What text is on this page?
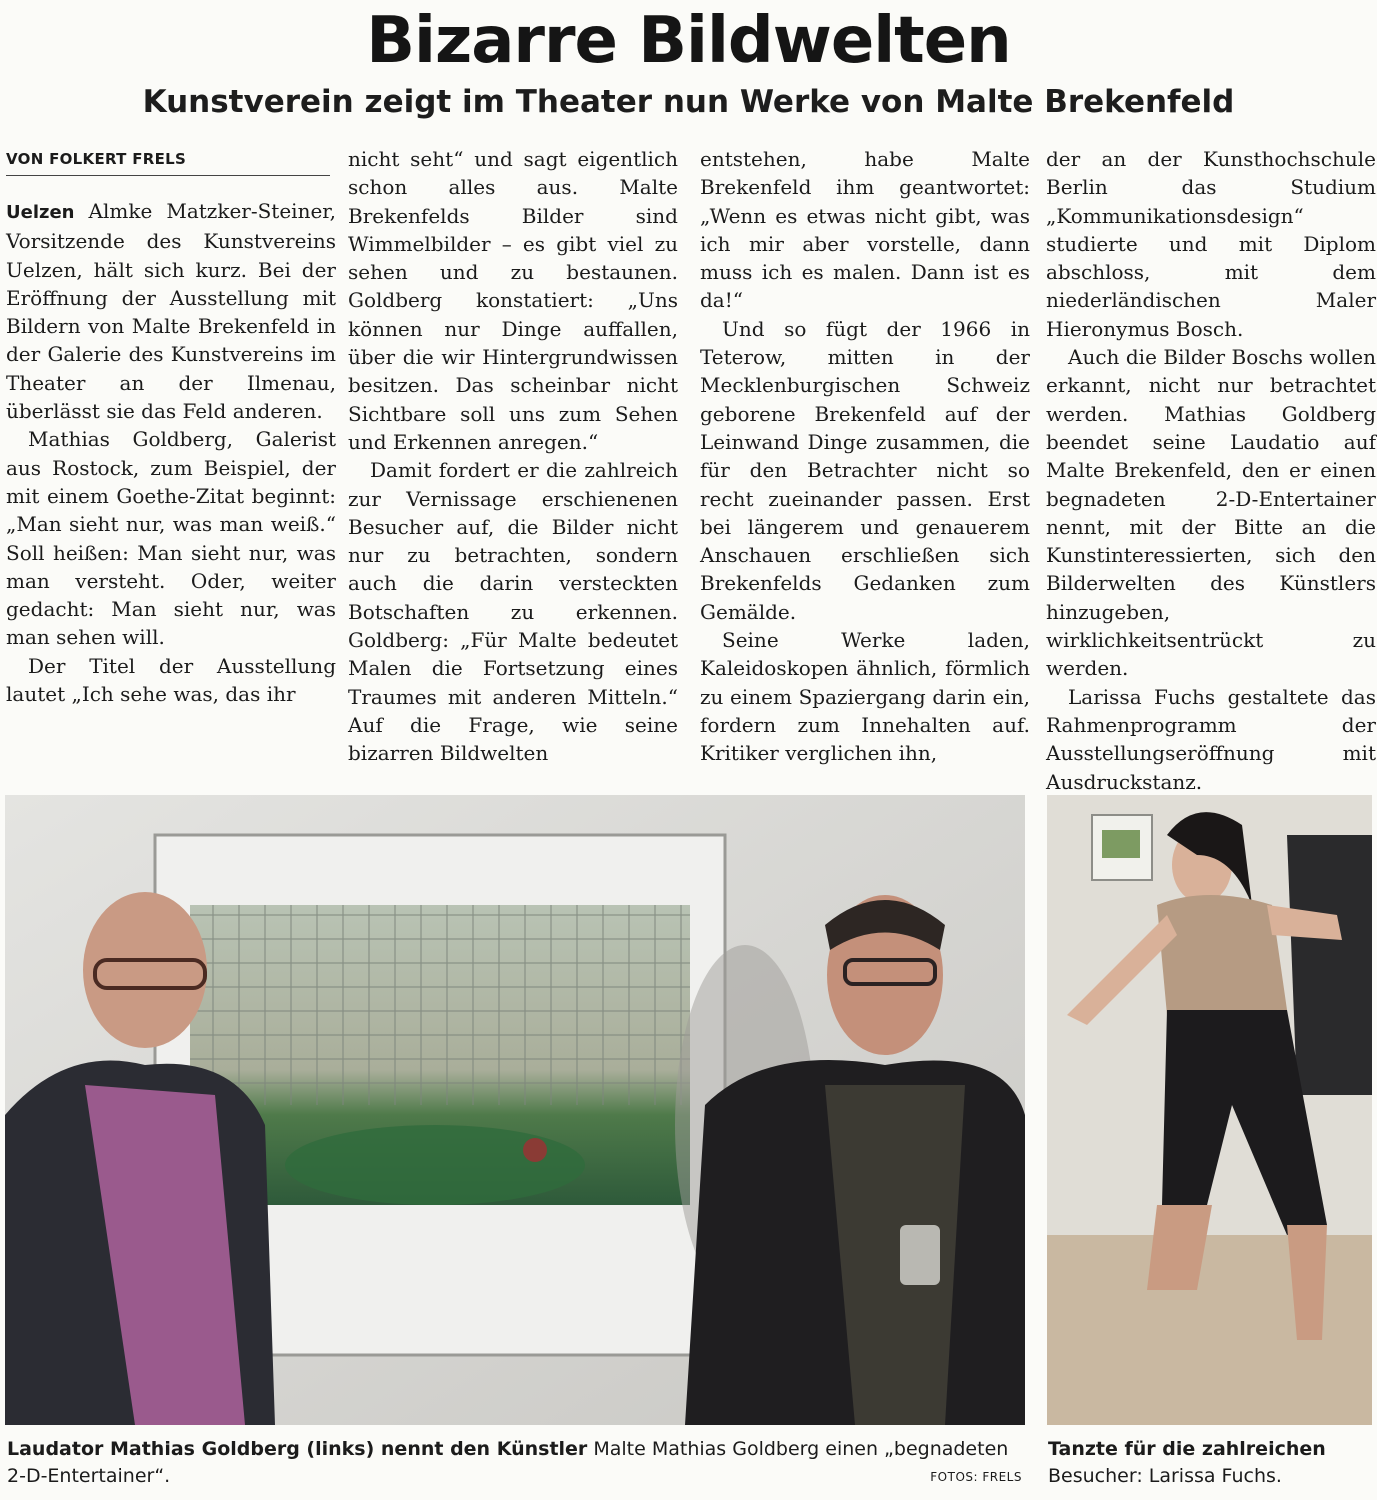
Bizarre Bildwelten
Kunstverein zeigt im Theater nun Werke von Malte Brekenfeld
VON FOLKERT FRELS

Uelzen Almke Matzker-Steiner, Vorsitzende des Kunstvereins Uelzen, hält sich kurz. Bei der Eröffnung der Ausstellung mit Bildern von Malte Brekenfeld in der Galerie des Kunstvereins im Theater an der Ilmenau, überlässt sie das Feld anderen.

Mathias Goldberg, Galerist aus Rostock, zum Beispiel, der mit einem Goethe-Zitat beginnt: „Man sieht nur, was man weiß.“ Soll heißen: Man sieht nur, was man versteht. Oder, weiter gedacht: Man sieht nur, was man sehen will.

Der Titel der Ausstellung lautet „Ich sehe was, das ihr

nicht seht“ und sagt eigentlich schon alles aus. Malte Brekenfelds Bilder sind Wimmelbilder – es gibt viel zu sehen und zu bestaunen. Goldberg konstatiert: „Uns können nur Dinge auffallen, über die wir Hintergrundwissen besitzen. Das scheinbar nicht Sichtbare soll uns zum Sehen und Erkennen anregen.“

Damit fordert er die zahlreich zur Vernissage erschienenen Besucher auf, die Bilder nicht nur zu betrachten, sondern auch die darin versteckten Botschaften zu erkennen. Goldberg: „Für Malte bedeutet Malen die Fortsetzung eines Traumes mit anderen Mitteln.“ Auf die Frage, wie seine bizarren Bildwelten

entstehen, habe Malte Brekenfeld ihm geantwortet: „Wenn es etwas nicht gibt, was ich mir aber vorstelle, dann muss ich es malen. Dann ist es da!“

Und so fügt der 1966 in Teterow, mitten in der Mecklenburgischen Schweiz geborene Brekenfeld auf der Leinwand Dinge zusammen, die für den Betrachter nicht so recht zueinander passen. Erst bei längerem und genauerem Anschauen erschließen sich Brekenfelds Gedanken zum Gemälde.

Seine Werke laden, Kaleidoskopen ähnlich, förmlich zu einem Spaziergang darin ein, fordern zum Innehalten auf. Kritiker verglichen ihn,

der an der Kunsthochschule Berlin das Studium „Kommunikationsdesign“ studierte und mit Diplom abschloss, mit dem niederländischen Maler Hieronymus Bosch.

Auch die Bilder Boschs wollen erkannt, nicht nur betrachtet werden. Mathias Goldberg beendet seine Laudatio auf Malte Brekenfeld, den er einen begnadeten 2-D-Entertainer nennt, mit der Bitte an die Kunstinteressierten, sich den Bilderwelten des Künstlers hinzugeben, wirklichkeitsentrückt zu werden.

Larissa Fuchs gestaltete das Rahmenprogramm der Ausstellungseröffnung mit Ausdruckstanz.

Laudator Mathias Goldberg (links) nennt den Künstler Malte Mathias Goldberg einen „begnadeten 2-D-Entertainer“.	FOTOS: FRELS
Tanzte für die zahlreichen Besucher: Larissa Fuchs.
